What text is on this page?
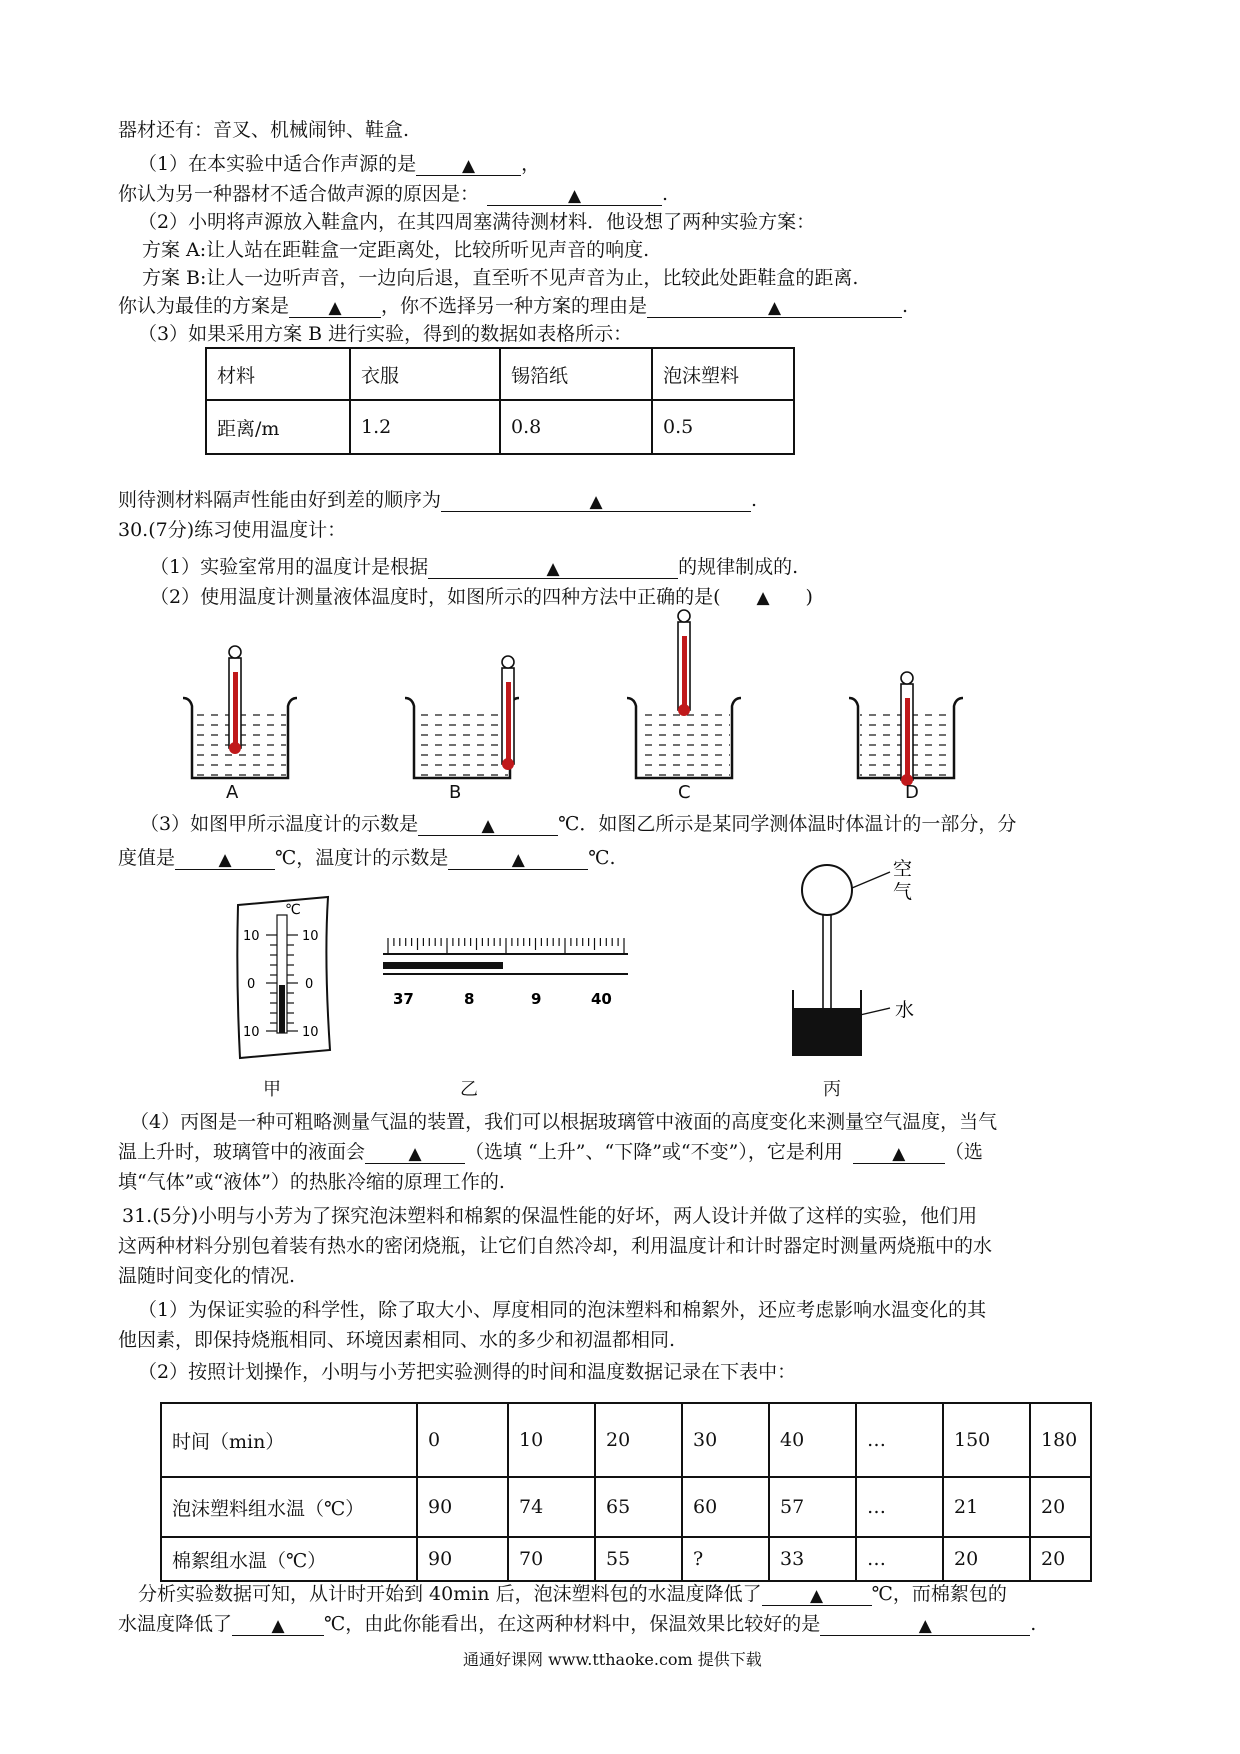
器材还有：音叉、机械闹钟、鞋盒.
（1）在本实验中适合作声源的是	▲ ，
你认为另一种器材不适合做声源的原因是：	▲	.
（2）小明将声源放入鞋盒内，在其四周塞满待测材料．他设想了两种实验方案：
方案 A:让人站在距鞋盒一定距离处，比较所听见声音的响度.
方案 B:让人一边听声音，一边向后退，直至听不见声音为止，比较此处距鞋盒的距离.
你认为最佳的方案是 ▲ ，你不选择另一种方案的理由是	▲	.
（3）如果采用方案 B 进行实验，得到的数据如表格所示：
材料	衣服	锡箔纸	泡沫塑料
距离/m	1.2	0.8	0.5
则待测材料隔声性能由好到差的顺序为	▲	.
30.(7分)练习使用温度计：
（1）实验室常用的温度计是根据	▲	的规律制成的.
（2）使用温度计测量液体温度时，如图所示的四种方法中正确的是( ▲ )
A	B	C	D
（3）如图甲所示温度计的示数是	▲	℃．如图乙所示是某同学测体温时体温计的一部分，分
度值是	▲ ℃，温度计的示数是	▲	℃.
℃
10	10
0	0
10	10
37	8	9	40
空
气
水
甲	乙	丙
（4）丙图是一种可粗略测量气温的装置，我们可以根据玻璃管中液面的高度变化来测量空气温度，当气
温上升时，玻璃管中的液面会	▲ （选填 “上升”、“下降”或“不变”），它是利用	▲ （选
填“气体”或“液体”）的热胀冷缩的原理工作的.
31.(5分)小明与小芳为了探究泡沫塑料和棉絮的保温性能的好坏，两人设计并做了这样的实验，他们用
这两种材料分别包着装有热水的密闭烧瓶，让它们自然冷却，利用温度计和计时器定时测量两烧瓶中的水
温随时间变化的情况.
（1）为保证实验的科学性，除了取大小、厚度相同的泡沫塑料和棉絮外，还应考虑影响水温变化的其
他因素，即保持烧瓶相同、环境因素相同、水的多少和初温都相同.
（2）按照计划操作，小明与小芳把实验测得的时间和温度数据记录在下表中：
时间（min）	0	10	20	30	40	…	150	180
泡沫塑料组水温（℃）	90	74	65	60	57	…	21	20
棉絮组水温（℃）	90	70	55	?	33	…	20	20
分析实验数据可知，从计时开始到 40min 后，泡沫塑料包的水温度降低了	▲	℃，而棉絮包的
水温度降低了 ▲ ℃，由此你能看出，在这两种材料中，保温效果比较好的是	▲	.
通通好课网 www.tthaoke.com 提供下载
